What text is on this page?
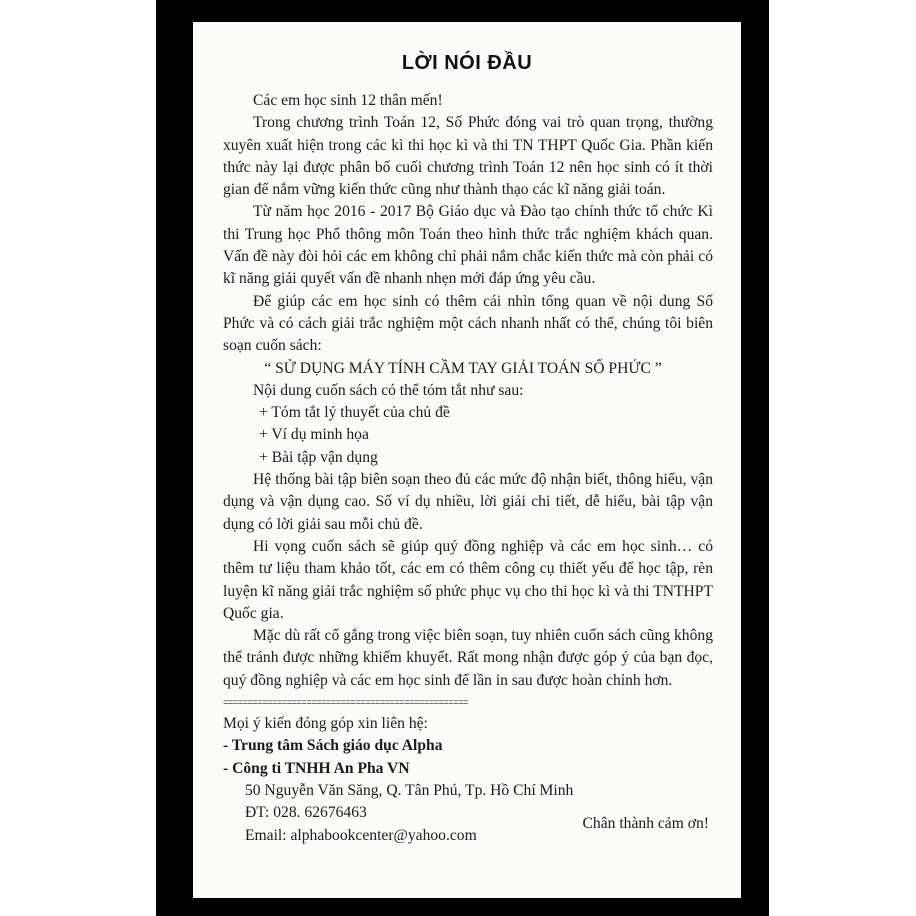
LỜI NÓI ĐẦU

Các em học sinh 12 thân mến!

Trong chương trình Toán 12, Số Phức đóng vai trò quan trọng, thường xuyên xuất hiện trong các kì thi học kì và thi TN THPT Quốc Gia. Phần kiến thức này lại được phân bố cuối chương trình Toán 12 nên học sinh có ít thời gian để nắm vững kiến thức cũng như thành thạo các kĩ năng giải toán.

Từ năm học 2016 - 2017 Bộ Giáo dục và Đào tạo chính thức tổ chức Kì thi Trung học Phổ thông môn Toán theo hình thức trắc nghiệm khách quan. Vấn đề này đòi hỏi các em không chỉ phải nắm chắc kiến thức mà còn phải có kĩ năng giải quyết vấn đề nhanh nhẹn mới đáp ứng yêu cầu.

Để giúp các em học sinh có thêm cái nhìn tổng quan về nội dung Số Phức và có cách giải trắc nghiệm một cách nhanh nhất có thể, chúng tôi biên soạn cuốn sách:

“ SỬ DỤNG MÁY TÍNH CẦM TAY GIẢI TOÁN SỐ PHỨC ”

Nội dung cuốn sách có thể tóm tắt như sau:

+ Tóm tắt lý thuyết của chủ đề

+ Ví dụ minh họa

+ Bài tập vận dụng

Hệ thống bài tập biên soạn theo đủ các mức độ nhận biết, thông hiểu, vận dụng và vận dụng cao. Số ví dụ nhiều, lời giải chi tiết, dễ hiểu, bài tập vận dụng có lời giải sau mỗi chủ đề.

Hi vọng cuốn sách sẽ giúp quý đồng nghiệp và các em học sinh… có thêm tư liệu tham khảo tốt, các em có thêm công cụ thiết yếu để học tập, rèn luyện kĩ năng giải trắc nghiệm số phức phục vụ cho thi học kì và thi TNTHPT Quốc gia.

Mặc dù rất cố gắng trong việc biên soạn, tuy nhiên cuốn sách cũng không thể tránh được những khiếm khuyết. Rất mong nhận được góp ý của bạn đọc, quý đồng nghiệp và các em học sinh để lần in sau được hoàn chỉnh hơn.

==================================================

Mọi ý kiến đóng góp xin liên hệ:

- Trung tâm Sách giáo dục Alpha

- Công ti TNHH An Pha VN

50 Nguyễn Văn Săng, Q. Tân Phú, Tp. Hồ Chí Minh

ĐT: 028. 62676463

Email: alphabookcenter@yahoo.com

Chân thành cảm ơn!
